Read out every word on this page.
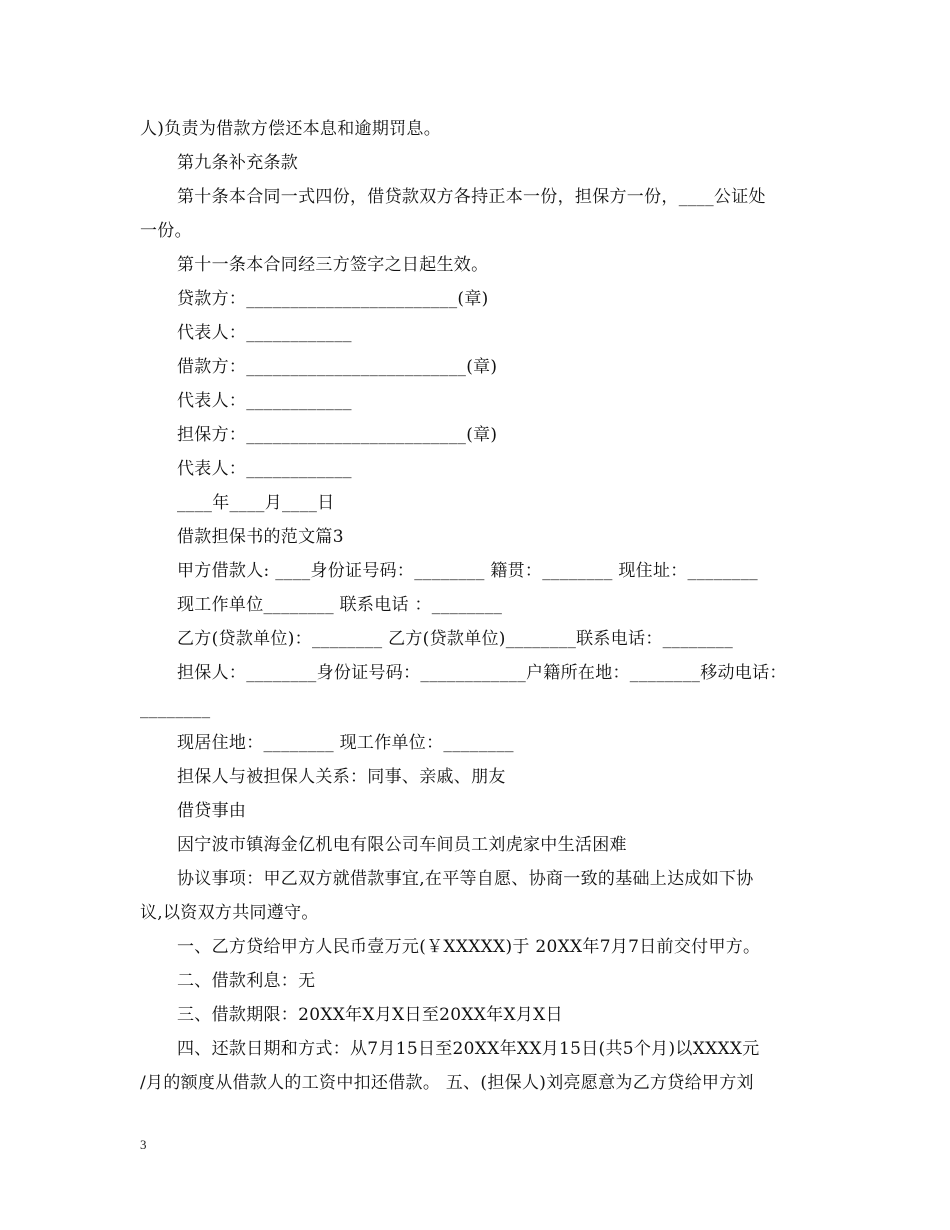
人)负责为借款方偿还本息和逾期罚息。
第九条补充条款
第十条本合同一式四份，借贷款双方各持正本一份，担保方一份，____公证处
一份。
第十一条本合同经三方签字之日起生效。
贷款方：________________________(章)
代表人：____________
借款方：_________________________(章)
代表人：____________
担保方：_________________________(章)
代表人：____________
____年____月____日
借款担保书的范文篇3
甲方借款人: ____身份证号码：________ 籍贯：________ 现住址：________
现工作单位________ 联系电话 ：________
乙方(贷款单位)：________ 乙方(贷款单位)________联系电话：________
担保人：________身份证号码：____________户籍所在地：________移动电话：
________
现居住地：________ 现工作单位：________
担保人与被担保人关系：同事、亲戚、朋友
借贷事由
因宁波市镇海金亿机电有限公司车间员工刘虎家中生活困难
协议事项：甲乙双方就借款事宜,在平等自愿、协商一致的基础上达成如下协
议,以资双方共同遵守。
一、乙方贷给甲方人民币壹万元(￥XXXXX)于 20XX年7月7日前交付甲方。
二、借款利息：无
三、借款期限：20XX年X月X日至20XX年X月X日
四、还款日期和方式：从7月15日至20XX年XX月15日(共5个月)以XXXX元
/月的额度从借款人的工资中扣还借款。 五、(担保人)刘亮愿意为乙方贷给甲方刘
3
